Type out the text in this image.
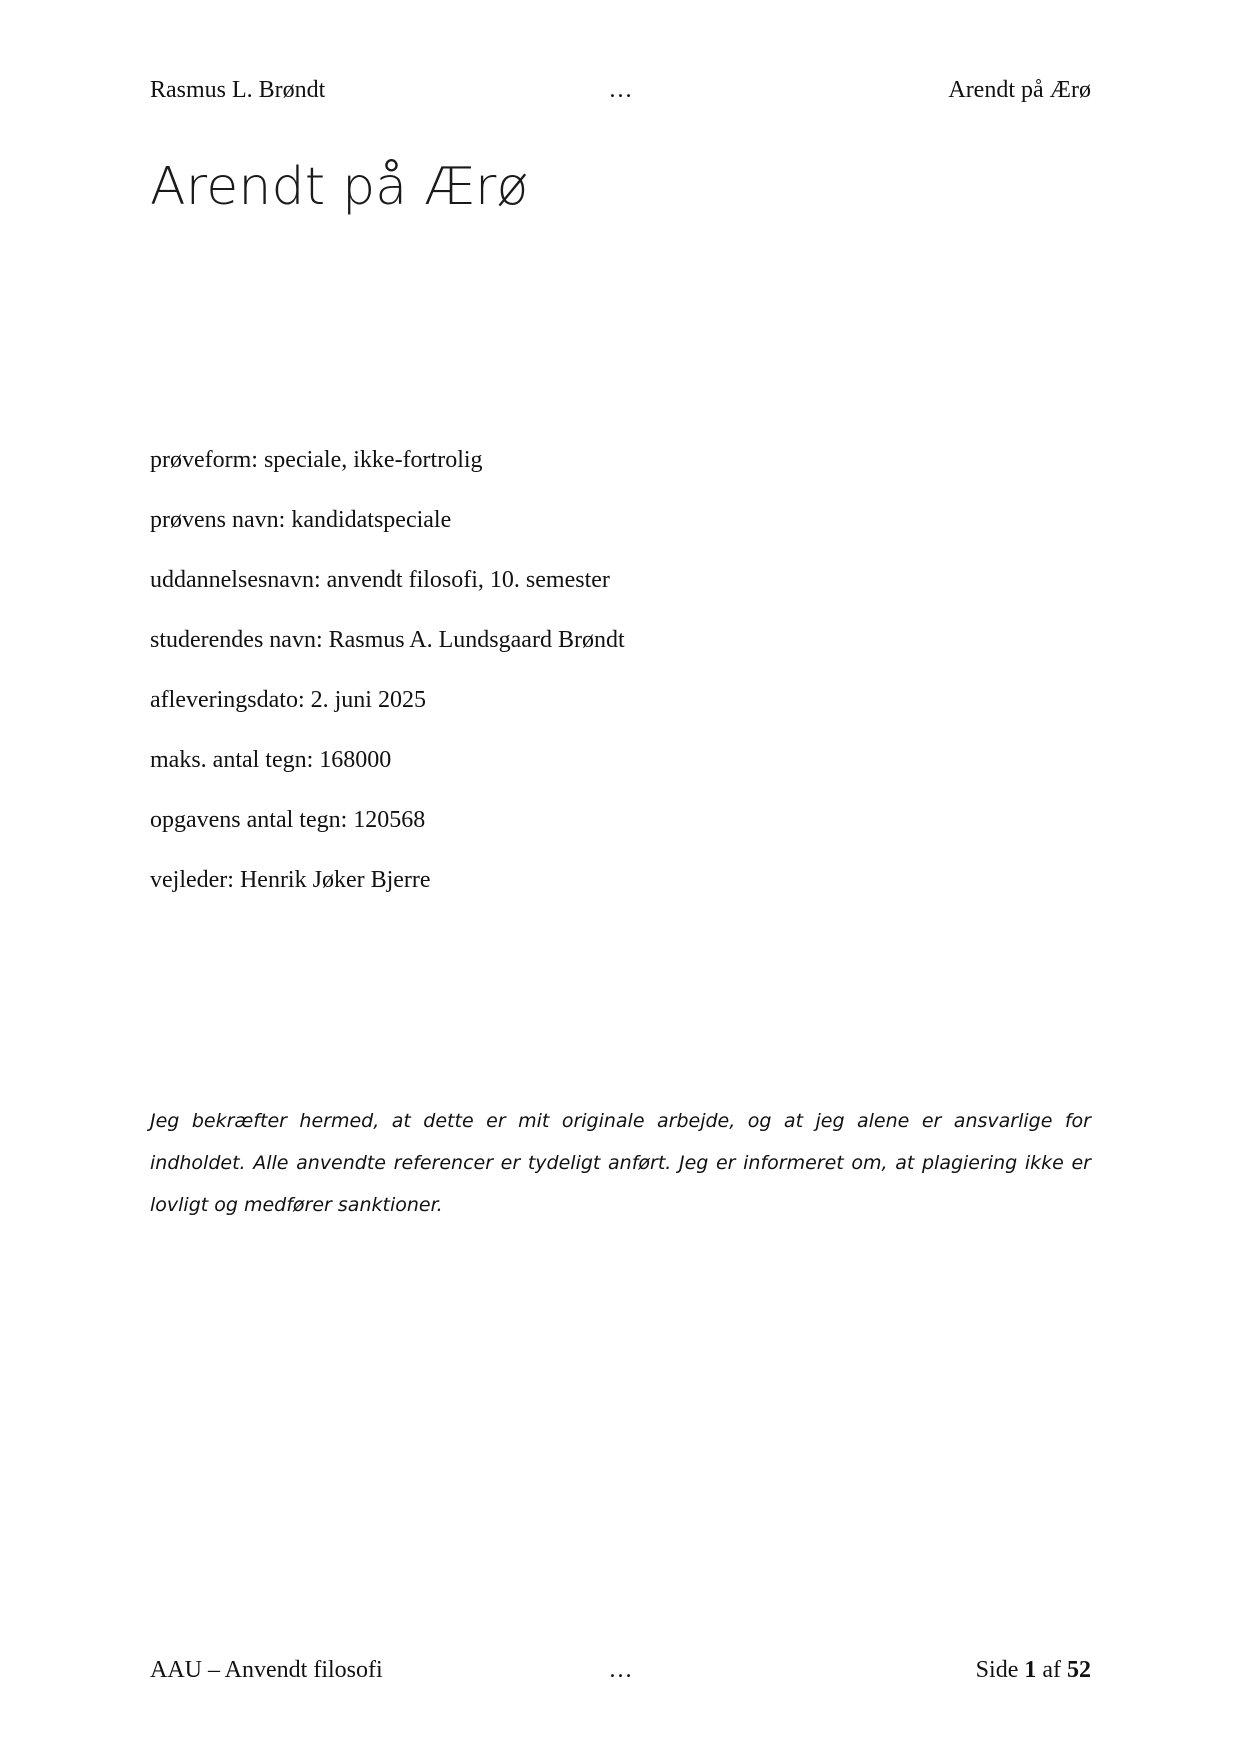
…
Rasmus L. Brøndt	Arendt på Ærø
Arendt på Ærø
prøveform: speciale, ikke-fortrolig
prøvens navn: kandidatspeciale
uddannelsesnavn: anvendt filosofi, 10. semester
studerendes navn: Rasmus A. Lundsgaard Brøndt
afleveringsdato: 2. juni 2025
maks. antal tegn: 168000
opgavens antal tegn: 120568
vejleder: Henrik Jøker Bjerre

Jeg bekræfter hermed, at dette er mit originale arbejde, og at jeg alene er ansvarlige for indholdet. Alle anvendte referencer er tydeligt anført. Jeg er informeret om, at plagiering ikke er lovligt og medfører sanktioner.

…
AAU – Anvendt filosofi	Side 1 af 52
